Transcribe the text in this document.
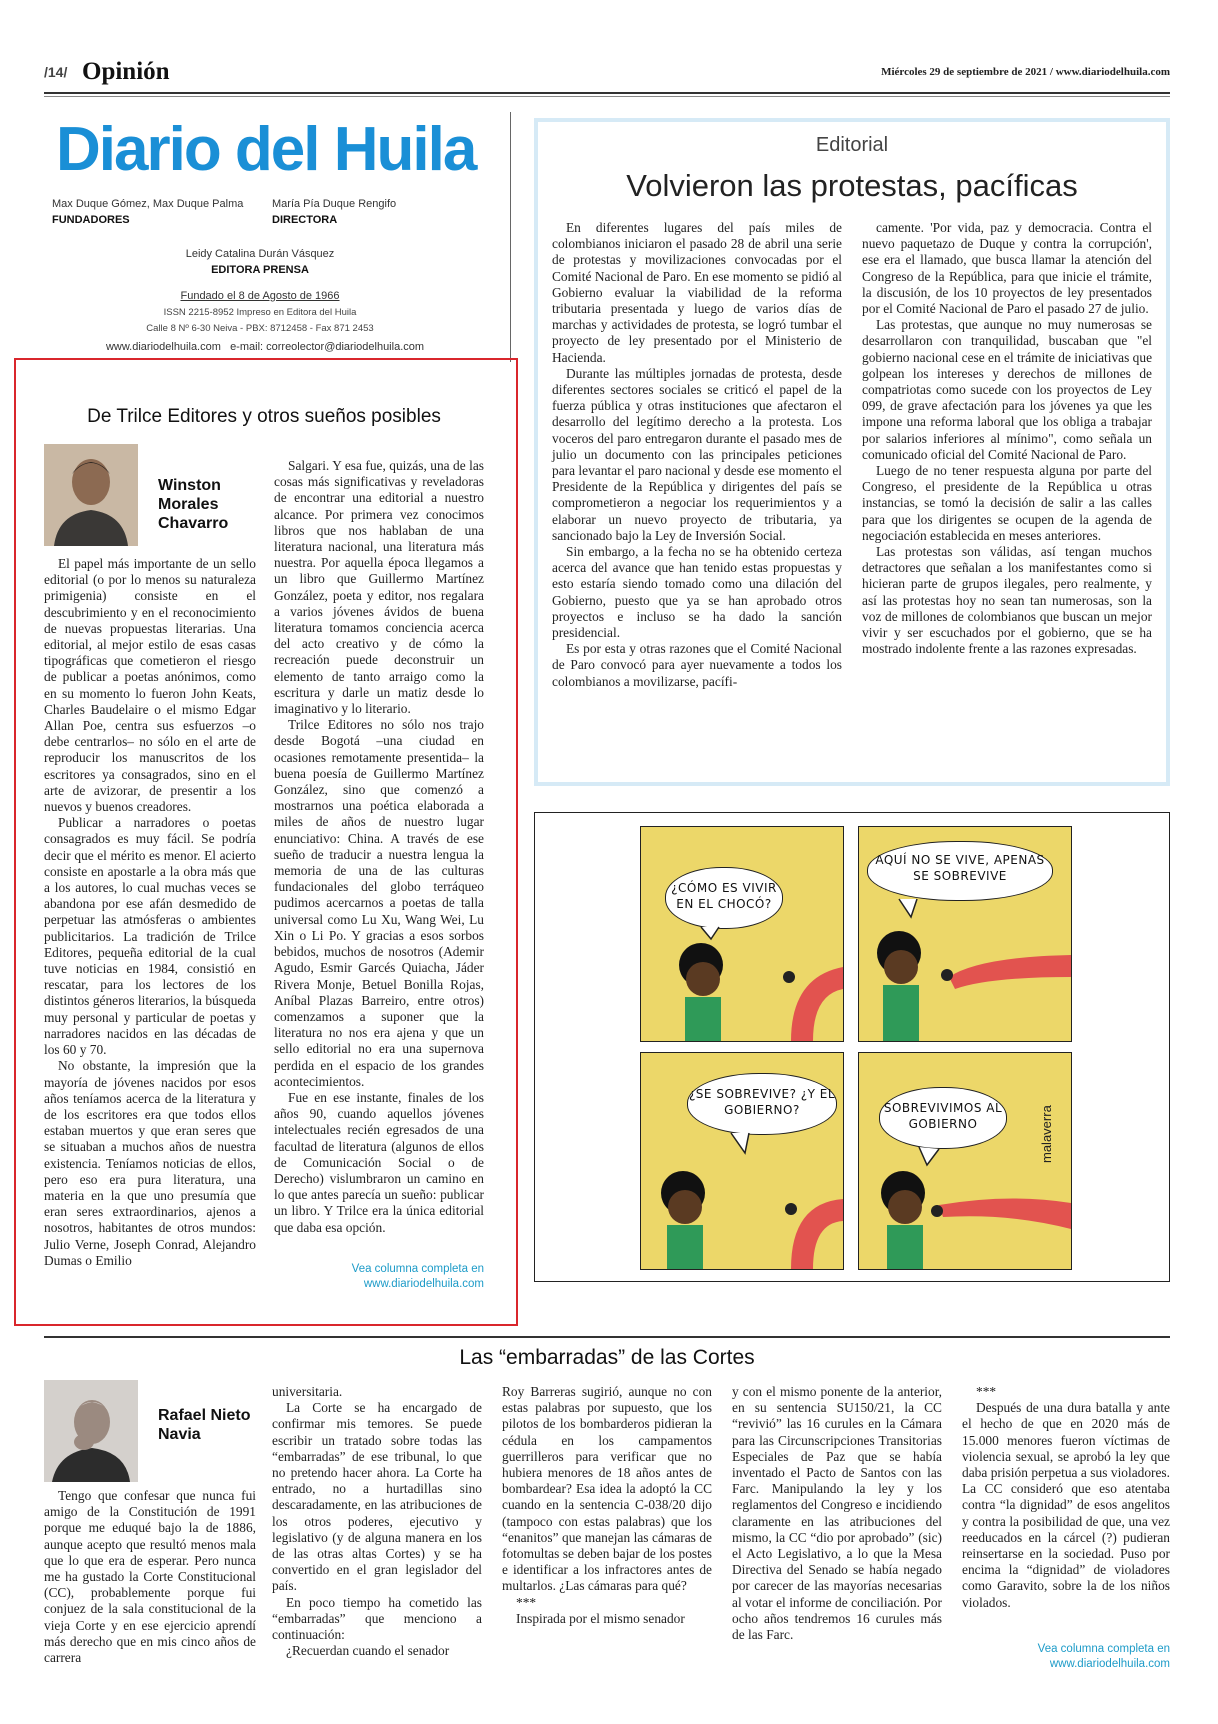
/14/ Opinión	Miércoles 29 de septiembre de 2021 / www.diariodelhuila.com
Diario del Huila
Max Duque Gómez, Max Duque Palma
FUNDADORES
María Pía Duque Rengifo
DIRECTORA
Leidy Catalina Durán Vásquez
EDITORA PRENSA
Fundado el 8 de Agosto de 1966
ISSN 2215-8952 Impreso en Editora del Huila
Calle 8 Nº 6-30 Neiva - PBX: 8712458 - Fax 871 2453
www.diariodelhuila.com   e-mail: correolector@diariodelhuila.com
Editorial
Volvieron las protestas, pacíficas

En diferentes lugares del país miles de colombianos iniciaron el pasado 28 de abril una serie de protestas y movilizaciones convocadas por el Comité Nacional de Paro. En ese momento se pidió al Gobierno evaluar la viabilidad de la reforma tributaria presentada y luego de varios días de marchas y actividades de protesta, se logró tumbar el proyecto de ley presentado por el Ministerio de Hacienda.

Durante las múltiples jornadas de protesta, desde diferentes sectores sociales se criticó el papel de la fuerza pública y otras instituciones que afectaron el desarrollo del legítimo derecho a la protesta. Los voceros del paro entregaron durante el pasado mes de julio un documento con las principales peticiones para levantar el paro nacional y desde ese momento el Presidente de la República y dirigentes del país se comprometieron a negociar los requerimientos y a elaborar un nuevo proyecto de tributaria, ya sancionado bajo la Ley de Inversión Social.

Sin embargo, a la fecha no se ha obtenido certeza acerca del avance que han tenido estas propuestas y esto estaría siendo tomado como una dilación del Gobierno, puesto que ya se han aprobado otros proyectos e incluso se ha dado la sanción presidencial.

Es por esta y otras razones que el Comité Nacional de Paro convocó para ayer nuevamente a todos los colombianos a movilizarse, pacífi-

camente. 'Por vida, paz y democracia. Contra el nuevo paquetazo de Duque y contra la corrupción', ese era el llamado, que busca llamar la atención del Congreso de la República, para que inicie el trámite, la discusión, de los 10 proyectos de ley presentados por el Comité Nacional de Paro el pasado 27 de julio.

Las protestas, que aunque no muy numerosas se desarrollaron con tranquilidad, buscaban que "el gobierno nacional cese en el trámite de iniciativas que golpean los intereses y derechos de millones de compatriotas como sucede con los proyectos de Ley 099, de grave afectación para los jóvenes ya que les impone una reforma laboral que los obliga a trabajar por salarios inferiores al mínimo", como señala un comunicado oficial del Comité Nacional de Paro.

Luego de no tener respuesta alguna por parte del Congreso, el presidente de la República u otras instancias, se tomó la decisión de salir a las calles para que los dirigentes se ocupen de la agenda de negociación establecida en meses anteriores.

Las protestas son válidas, así tengan muchos detractores que señalan a los manifestantes como si hicieran parte de grupos ilegales, pero realmente, y así las protestas hoy no sean tan numerosas, son la voz de millones de colombianos que buscan un mejor vivir y ser escuchados por el gobierno, que se ha mostrado indolente frente a las razones expresadas.

De Trilce Editores y otros sueños posibles
Winston Morales Chavarro

El papel más importante de un sello editorial (o por lo menos su naturaleza primigenia) consiste en el descubrimiento y en el reconocimiento de nuevas propuestas literarias. Una editorial, al mejor estilo de esas casas tipográficas que cometieron el riesgo de publicar a poetas anónimos, como en su momento lo fueron John Keats, Charles Baudelaire o el mismo Edgar Allan Poe, centra sus esfuerzos –o debe centrarlos– no sólo en el arte de reproducir los manuscritos de los escritores ya consagrados, sino en el arte de avizorar, de presentir a los nuevos y buenos creadores.

Publicar a narradores o poetas consagrados es muy fácil. Se podría decir que el mérito es menor. El acierto consiste en apostarle a la obra más que a los autores, lo cual muchas veces se abandona por ese afán desmedido de perpetuar las atmósferas o ambientes publicitarios. La tradición de Trilce Editores, pequeña editorial de la cual tuve noticias en 1984, consistió en rescatar, para los lectores de los distintos géneros literarios, la búsqueda muy personal y particular de poetas y narradores nacidos en las décadas de los 60 y 70.

No obstante, la impresión que la mayoría de jóvenes nacidos por esos años teníamos acerca de la literatura y de los escritores era que todos ellos estaban muertos y que eran seres que se situaban a muchos años de nuestra existencia. Teníamos noticias de ellos, pero eso era pura literatura, una materia en la que uno presumía que eran seres extraordinarios, ajenos a nosotros, habitantes de otros mundos: Julio Verne, Joseph Conrad, Alejandro Dumas o Emilio

Salgari. Y esa fue, quizás, una de las cosas más significativas y reveladoras de encontrar una editorial a nuestro alcance. Por primera vez conocimos libros que nos hablaban de una literatura nacional, una literatura más nuestra. Por aquella época llegamos a un libro que Guillermo Martínez González, poeta y editor, nos regalara a varios jóvenes ávidos de buena literatura tomamos conciencia acerca del acto creativo y de cómo la recreación puede deconstruir un elemento de tanto arraigo como la escritura y darle un matiz desde lo imaginativo y lo literario.

Trilce Editores no sólo nos trajo desde Bogotá –una ciudad en ocasiones remotamente presentida– la buena poesía de Guillermo Martínez González, sino que comenzó a mostrarnos una poética elaborada a miles de años de nuestro lugar enunciativo: China. A través de ese sueño de traducir a nuestra lengua la memoria de una de las culturas fundacionales del globo terráqueo pudimos acercarnos a poetas de talla universal como Lu Xu, Wang Wei, Lu Xin o Li Po. Y gracias a esos sorbos bebidos, muchos de nosotros (Ademir Agudo, Esmir Garcés Quiacha, Jáder Rivera Monje, Betuel Bonilla Rojas, Aníbal Plazas Barreiro, entre otros) comenzamos a suponer que la literatura no nos era ajena y que un sello editorial no era una supernova perdida en el espacio de los grandes acontecimientos.

Fue en ese instante, finales de los años 90, cuando aquellos jóvenes intelectuales recién egresados de una facultad de literatura (algunos de ellos de Comunicación Social o de Derecho) vislumbraron un camino en lo que antes parecía un sueño: publicar un libro. Y Trilce era la única editorial que daba esa opción.

Vea columna completa en
www.diariodelhuila.com
¿CÓMO ES VIVIR EN EL CHOCÓ?
AQUÍ NO SE VIVE, APENAS SE SOBREVIVE
¿SE SOBREVIVE? ¿Y EL GOBIERNO?	SOBREVIVIMOS AL GOBIERNO	malaverra
Las “embarradas” de las Cortes
Rafael Nieto Navia

Tengo que confesar que nunca fui amigo de la Constitución de 1991 porque me eduqué bajo la de 1886, aunque acepto que resultó menos mala que lo que era de esperar. Pero nunca me ha gustado la Corte Constitucional (CC), probablemente porque fui conjuez de la sala constitucional de la vieja Corte y en ese ejercicio aprendí más derecho que en mis cinco años de carrera

universitaria.

La Corte se ha encargado de confirmar mis temores. Se puede escribir un tratado sobre todas las “embarradas” de ese tribunal, lo que no pretendo hacer ahora. La Corte ha entrado, no a hurtadillas sino descaradamente, en las atribuciones de los otros poderes, ejecutivo y legislativo (y de alguna manera en los de las otras altas Cortes) y se ha convertido en el gran legislador del país.

En poco tiempo ha cometido las “embarradas” que menciono a continuación:

¿Recuerdan cuando el senador

Roy Barreras sugirió, aunque no con estas palabras por supuesto, que los pilotos de los bombarderos pidieran la cédula en los campamentos guerrilleros para verificar que no hubiera menores de 18 años antes de bombardear? Esa idea la adoptó la CC cuando en la sentencia C-038/20 dijo (tampoco con estas palabras) que los “enanitos” que manejan las cámaras de fotomultas se deben bajar de los postes e identificar a los infractores antes de multarlos. ¿Las cámaras para qué?

***

Inspirada por el mismo senador

y con el mismo ponente de la anterior, en su sentencia SU150/21, la CC “revivió” las 16 curules en la Cámara para las Circunscripciones Transitorias Especiales de Paz que se había inventado el Pacto de Santos con las Farc. Manipulando la ley y los reglamentos del Congreso e incidiendo claramente en las atribuciones del mismo, la CC “dio por aprobado” (sic) el Acto Legislativo, a lo que la Mesa Directiva del Senado se había negado por carecer de las mayorías necesarias al votar el informe de conciliación. Por ocho años tendremos 16 curules más de las Farc.

***

Después de una dura batalla y ante el hecho de que en 2020 más de 15.000 menores fueron víctimas de violencia sexual, se aprobó la ley que daba prisión perpetua a sus violadores. La CC consideró que eso atentaba contra “la dignidad” de esos angelitos y contra la posibilidad de que, una vez reeducados en la cárcel (?) pudieran reinsertarse en la sociedad. Puso por encima la “dignidad” de violadores como Garavito, sobre la de los niños violados.

Vea columna completa en
www.diariodelhuila.com
